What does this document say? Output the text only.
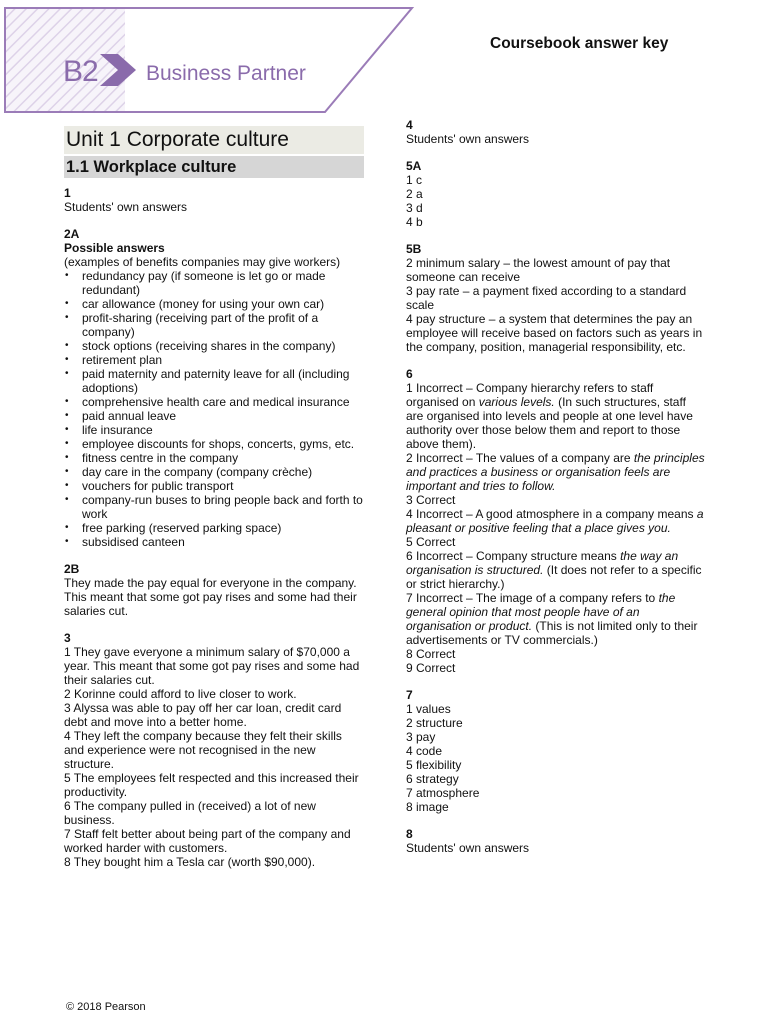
B2 Business Partner
Coursebook answer key
Unit 1 Corporate culture
1.1 Workplace culture
1

Students' own answers

2A
Possible answers

(examples of benefits companies may give workers)

• redundancy pay (if someone is let go or made redundant)
• car allowance (money for using your own car)
• profit-sharing (receiving part of the profit of a company)
• stock options (receiving shares in the company)
• retirement plan
• paid maternity and paternity leave for all (including adoptions)
• comprehensive health care and medical insurance
• paid annual leave
• life insurance
• employee discounts for shops, concerts, gyms, etc.
• fitness centre in the company
• day care in the company (company crèche)
• vouchers for public transport
• company-run buses to bring people back and forth to work
• free parking (reserved parking space)
• subsidised canteen
2B

They made the pay equal for everyone in the company. This meant that some got pay rises and some had their salaries cut.

3

1 They gave everyone a minimum salary of $70,000 a year. This meant that some got pay rises and some had their salaries cut.

2 Korinne could afford to live closer to work.

3 Alyssa was able to pay off her car loan, credit card debt and move into a better home.

4 They left the company because they felt their skills and experience were not recognised in the new structure.

5 The employees felt respected and this increased their productivity.

6 The company pulled in (received) a lot of new business.

7 Staff felt better about being part of the company and worked harder with customers.

8 They bought him a Tesla car (worth $90,000).

4

Students' own answers

5A

1 c

2 a

3 d

4 b

5B

2 minimum salary – the lowest amount of pay that someone can receive

3 pay rate – a payment fixed according to a standard scale

4 pay structure – a system that determines the pay an employee will receive based on factors such as years in the company, position, managerial responsibility, etc.

6

1 Incorrect – Company hierarchy refers to staff organised on various levels. (In such structures, staff are organised into levels and people at one level have authority over those below them and report to those above them).

2 Incorrect – The values of a company are the principles and practices a business or organisation feels are important and tries to follow.

3 Correct

4 Incorrect – A good atmosphere in a company means a pleasant or positive feeling that a place gives you.

5 Correct

6 Incorrect – Company structure means the way an organisation is structured. (It does not refer to a specific or strict hierarchy.)

7 Incorrect – The image of a company refers to the general opinion that most people have of an organisation or product. (This is not limited only to their advertisements or TV commercials.)

8 Correct

9 Correct

7

1 values

2 structure

3 pay

4 code

5 flexibility

6 strategy

7 atmosphere

8 image

8

Students' own answers

© 2018 Pearson
